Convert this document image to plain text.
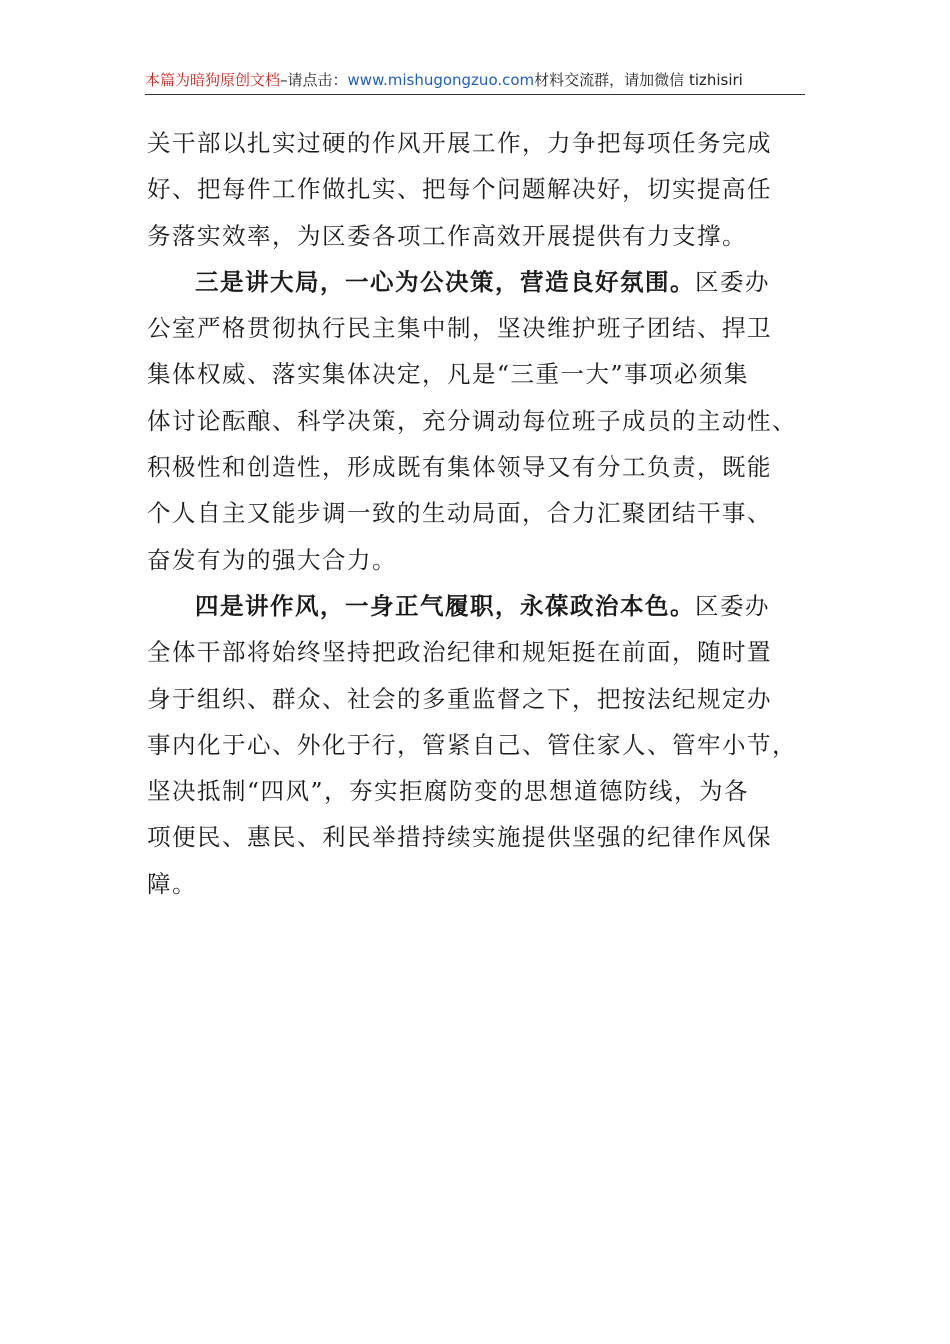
本篇为暗狗原创文档–请点击：www.mishugongzuo.com材料交流群，请加微信 tizhisiri
关干部以扎实过硬的作风开展工作，力争把每项任务完成
好、把每件工作做扎实、把每个问题解决好，切实提高任
务落实效率，为区委各项工作高效开展提供有力支撑。
三是讲大局，一心为公决策，营造良好氛围。区委办
公室严格贯彻执行民主集中制，坚决维护班子团结、捍卫
集体权威、落实集体决定，凡是“三重一大”事项必须集
体讨论酝酿、科学决策，充分调动每位班子成员的主动性、
积极性和创造性，形成既有集体领导又有分工负责，既能
个人自主又能步调一致的生动局面，合力汇聚团结干事、
奋发有为的强大合力。
四是讲作风，一身正气履职，永葆政治本色。区委办
全体干部将始终坚持把政治纪律和规矩挺在前面，随时置
身于组织、群众、社会的多重监督之下，把按法纪规定办
事内化于心、外化于行，管紧自己、管住家人、管牢小节，
坚决抵制“四风”，夯实拒腐防变的思想道德防线，为各
项便民、惠民、利民举措持续实施提供坚强的纪律作风保
障。
